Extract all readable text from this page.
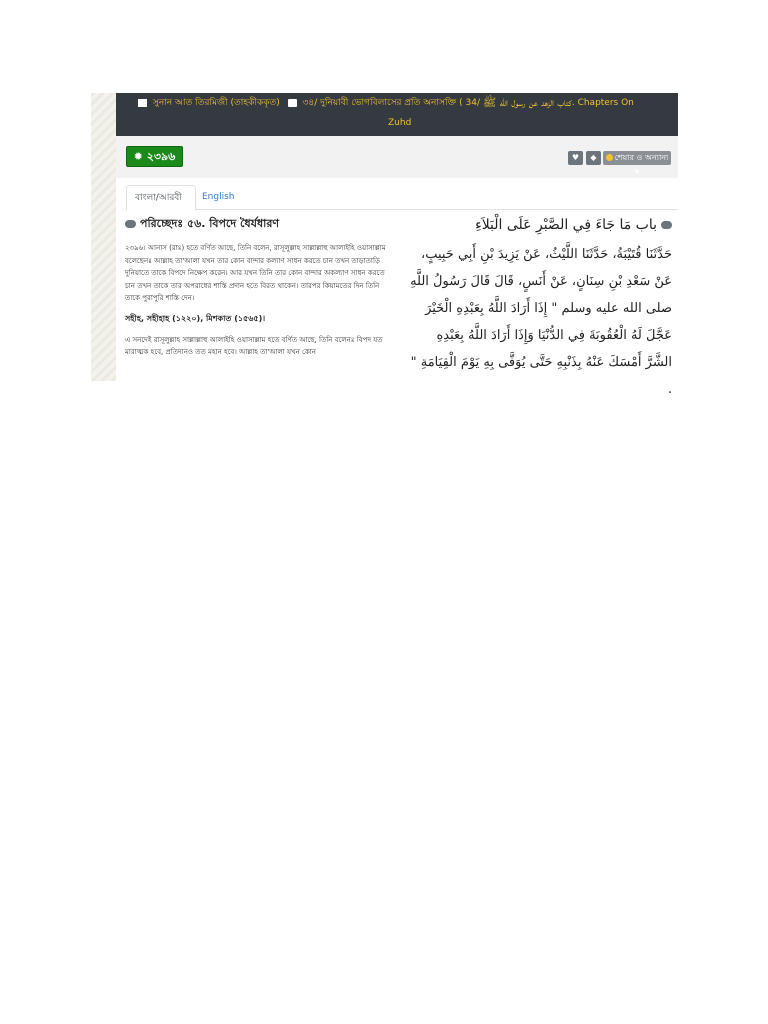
সুনান আত তিরমিজী (তাহকীককৃত)	৩৪/ দুনিয়াবী ভোগবিলাসের প্রতি অনাসক্তি ( كتاب الزهد عن رسول الله ﷺ /34. Chapters On
Zuhd
✹ ২৩৯৬	♥	◆	শেয়ার ও অন্যান্য ▾
বাংলা/আরবী	English
পরিচ্ছেদঃ ৫৬. বিপদে ধৈর্যধারণ

২৩৯৬। আনাস (রাঃ) হতে বর্ণিত আছে, তিনি বলেন, রাসূলুল্লাহ সাল্লাল্লাহু আলাইহি ওয়াসাল্লাম বলেছেনঃ আল্লাহ তা'আলা যখন তার কোন বান্দার কল্যাণ সাধন করতে চান তখন তাড়াতাড়ি দুনিয়াতে তাকে বিপদে নিক্ষেপ করেন। আর যখন তিনি তার কোন বান্দার অকল্যাণ সাধন করতে চান তখন তাকে তার অপরাধের শাস্তি প্রদান হতে বিরত থাকেন। তারপর কিয়ামতের দিন তিনি তাকে পুরাপুরি শাস্তি দেন।

সহীহ, সহীহাহ (১২২০), মিশকাত (১৫৬৫)।

এ সনদেই রাসূলুল্লাহ সাল্লাল্লাহু আলাইহি ওয়াসাল্লাম হতে বর্ণিত আছে, তিনি বলেনঃ বিপদ যত মারাত্মক হবে, প্রতিদানও তত মহান হবে। আল্লাহ তা'আলা যখন কোন

باب مَا جَاءَ فِي الصَّبْرِ عَلَى الْبَلاَءِ
حَدَّثَنَا قُتَيْبَةُ، حَدَّثَنَا اللَّيْثُ، عَنْ يَزِيدَ بْنِ أَبِي حَبِيبٍ، عَنْ سَعْدِ بْنِ سِنَانٍ، عَنْ أَنَسٍ، قَالَ قَالَ رَسُولُ اللَّهِ صلى الله عليه وسلم " إِذَا أَرَادَ اللَّهُ بِعَبْدِهِ الْخَيْرَ عَجَّلَ لَهُ الْعُقُوبَةَ فِي الدُّنْيَا وَإِذَا أَرَادَ اللَّهُ بِعَبْدِهِ الشَّرَّ أَمْسَكَ عَنْهُ بِذَنْبِهِ حَتَّى يُوَفَّى بِهِ يَوْمَ الْقِيَامَةِ " .
